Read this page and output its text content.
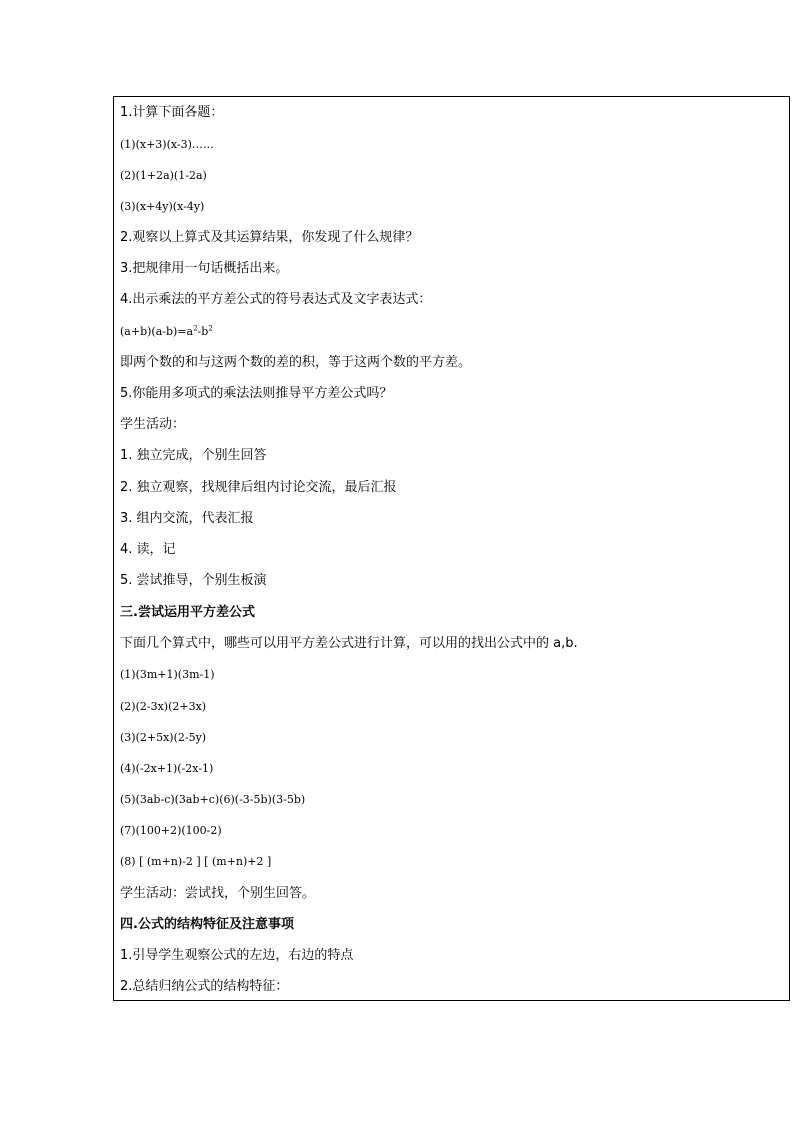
1.计算下面各题：
(1)(x+3)(x-3)……
(2)(1+2a)(1-2a)
(3)(x+4y)(x-4y)
2.观察以上算式及其运算结果，你发现了什么规律？
3.把规律用一句话概括出来。
4.出示乘法的平方差公式的符号表达式及文字表达式：
$(a+b)(a-b)=a^2-b^2$
即两个数的和与这两个数的差的积，等于这两个数的平方差。
5.你能用多项式的乘法法则推导平方差公式吗？
学生活动：
1. 独立完成，个别生回答
2. 独立观察，找规律后组内讨论交流，最后汇报
3. 组内交流，代表汇报
4. 读，记
5. 尝试推导，个别生板演
三.尝试运用平方差公式
下面几个算式中，哪些可以用平方差公式进行计算，可以用的找出公式中的 a,b.
(1)(3m+1)(3m-1)
(2)(2-3x)(2+3x)
(3)(2+5x)(2-5y)
(4)(-2x+1)(-2x-1)
(5)(3ab-c)(3ab+c)(6)(-3-5b)(3-5b)
(7)(100+2)(100-2)
(8) [ (m+n)-2 ] [ (m+n)+2 ]
学生活动：尝试找，个别生回答。
四.公式的结构特征及注意事项
1.引导学生观察公式的左边，右边的特点
2.总结归纳公式的结构特征：
